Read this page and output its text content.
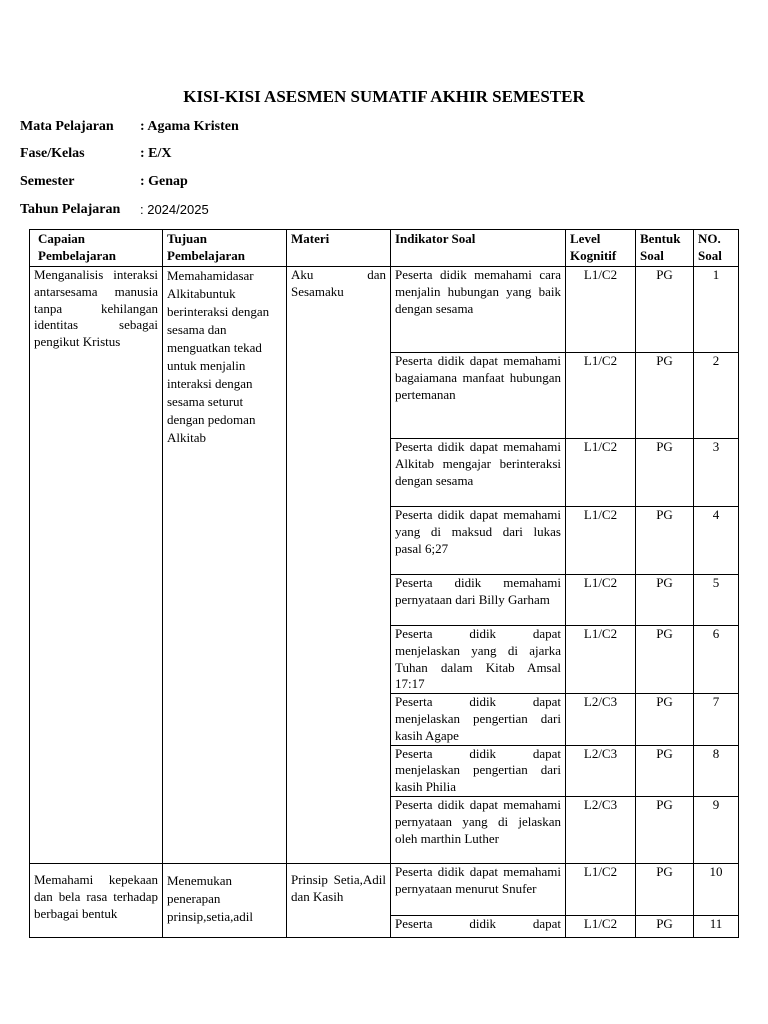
KISI-KISI ASESMEN SUMATIF AKHIR SEMESTER
Mata Pelajaran : Agama Kristen
Fase/Kelas	: E/X
Semester	: Genap
Tahun Pelajaran : 2024/2025
Capaian Pembelajaran	Tujuan Pembelajaran	Materi	Indikator Soal	Level Kognitif	Bentuk Soal	NO. Soal
Menganalisis interaksi antarsesama manusia tanpa kehilangan identitas sebagai pengikut Kristus	Memahamidasar Alkitabuntuk berinteraksi dengan sesama dan menguatkan tekad untuk menjalin interaksi dengan sesama seturut dengan pedoman Alkitab	Aku dan Sesamaku	Peserta didik memahami cara menjalin hubungan yang baik dengan sesama	L1/C2	PG	1
			Peserta didik dapat memahami bagaiamana manfaat hubungan pertemanan	L1/C2	PG	2
			Peserta didik dapat memahami Alkitab mengajar berinteraksi dengan sesama	L1/C2	PG	3
			Peserta didik dapat memahami yang di maksud dari lukas pasal 6;27	L1/C2	PG	4
			Peserta didik memahami pernyataan dari Billy Garham	L1/C2	PG	5
			Peserta didik dapat menjelaskan yang di ajarka Tuhan dalam Kitab Amsal 17:17	L1/C2	PG	6
			Peserta didik dapat menjelaskan pengertian dari kasih Agape	L2/C3	PG	7
			Peserta didik dapat menjelaskan pengertian dari kasih Philia	L2/C3	PG	8
			Peserta didik dapat memahami pernyataan yang di jelaskan oleh marthin Luther	L2/C3	PG	9
Memahami kepekaan dan bela rasa terhadap berbagai bentuk	Menemukan penerapan prinsip,setia,adil	Prinsip Setia,Adil dan Kasih	Peserta didik dapat memahami pernyataan menurut Snufer	L1/C2	PG	10
			Peserta didik dapat	L1/C2	PG	11
